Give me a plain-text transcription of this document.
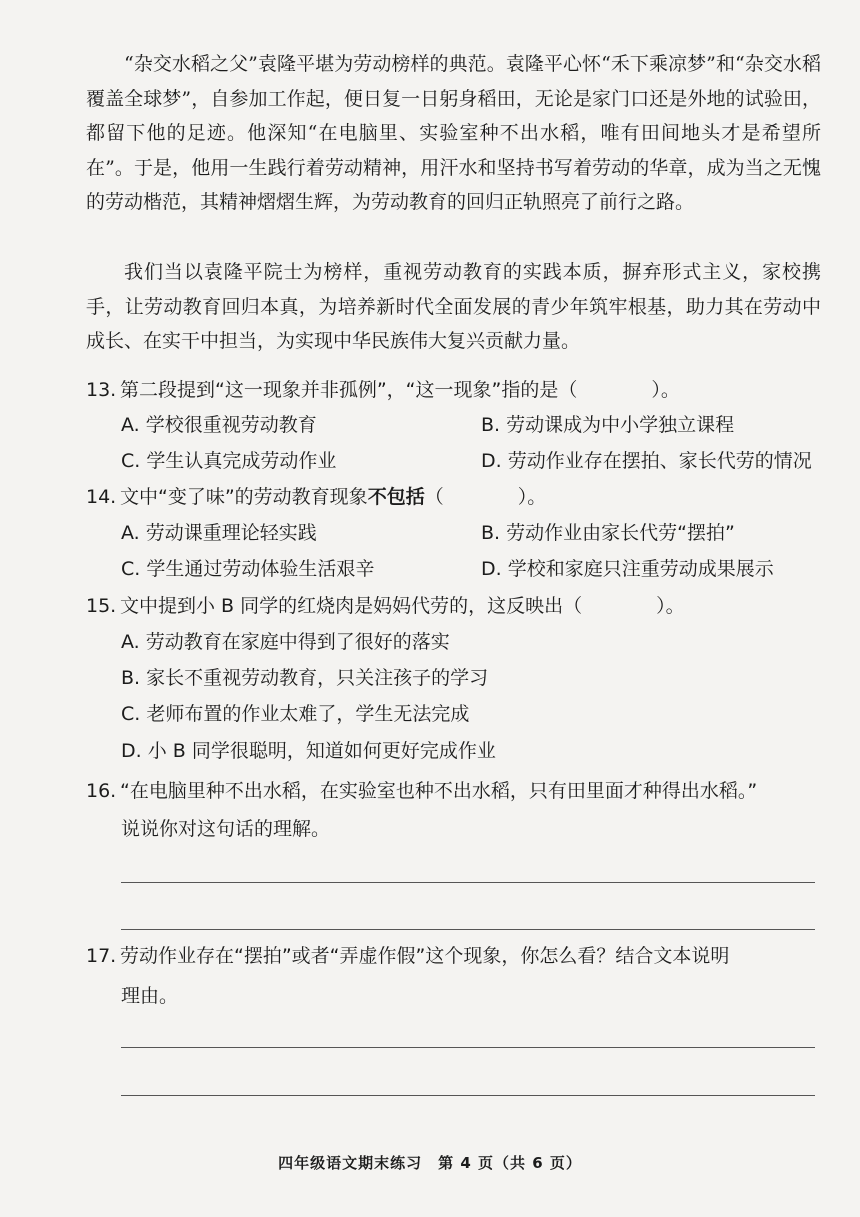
“杂交水稻之父”袁隆平堪为劳动榜样的典范。袁隆平心怀“禾下乘凉梦”和“杂交水稻覆盖全球梦”，自参加工作起，便日复一日躬身稻田，无论是家门口还是外地的试验田，都留下他的足迹。他深知“在电脑里、实验室种不出水稻，唯有田间地头才是希望所在”。于是，他用一生践行着劳动精神，用汗水和坚持书写着劳动的华章，成为当之无愧的劳动楷范，其精神熠熠生辉，为劳动教育的回归正轨照亮了前行之路。

我们当以袁隆平院士为榜样，重视劳动教育的实践本质，摒弃形式主义，家校携手，让劳动教育回归本真，为培养新时代全面发展的青少年筑牢根基，助力其在劳动中成长、在实干中担当，为实现中华民族伟大复兴贡献力量。

13. 第二段提到“这一现象并非孤例”，“这一现象”指的是（	）。

A. 学校很重视劳动教育	B. 劳动课成为中小学独立课程
C. 学生认真完成劳动作业	D. 劳动作业存在摆拍、家长代劳的情况

14. 文中“变了味”的劳动教育现象不包括（	）。

A. 劳动课重理论轻实践	B. 劳动作业由家长代劳“摆拍”
C. 学生通过劳动体验生活艰辛	D. 学校和家庭只注重劳动成果展示

15. 文中提到小 B 同学的红烧肉是妈妈代劳的，这反映出（	）。

A. 劳动教育在家庭中得到了很好的落实
B. 家长不重视劳动教育，只关注孩子的学习
C. 老师布置的作业太难了，学生无法完成
D. 小 B 同学很聪明，知道如何更好完成作业

16. “在电脑里种不出水稻，在实验室也种不出水稻，只有田里面才种得出水稻。”

说说你对这句话的理解。

17. 劳动作业存在“摆拍”或者“弄虚作假”这个现象，你怎么看？结合文本说明

理由。
四年级语文期末练习　第 4 页（共 6 页）
